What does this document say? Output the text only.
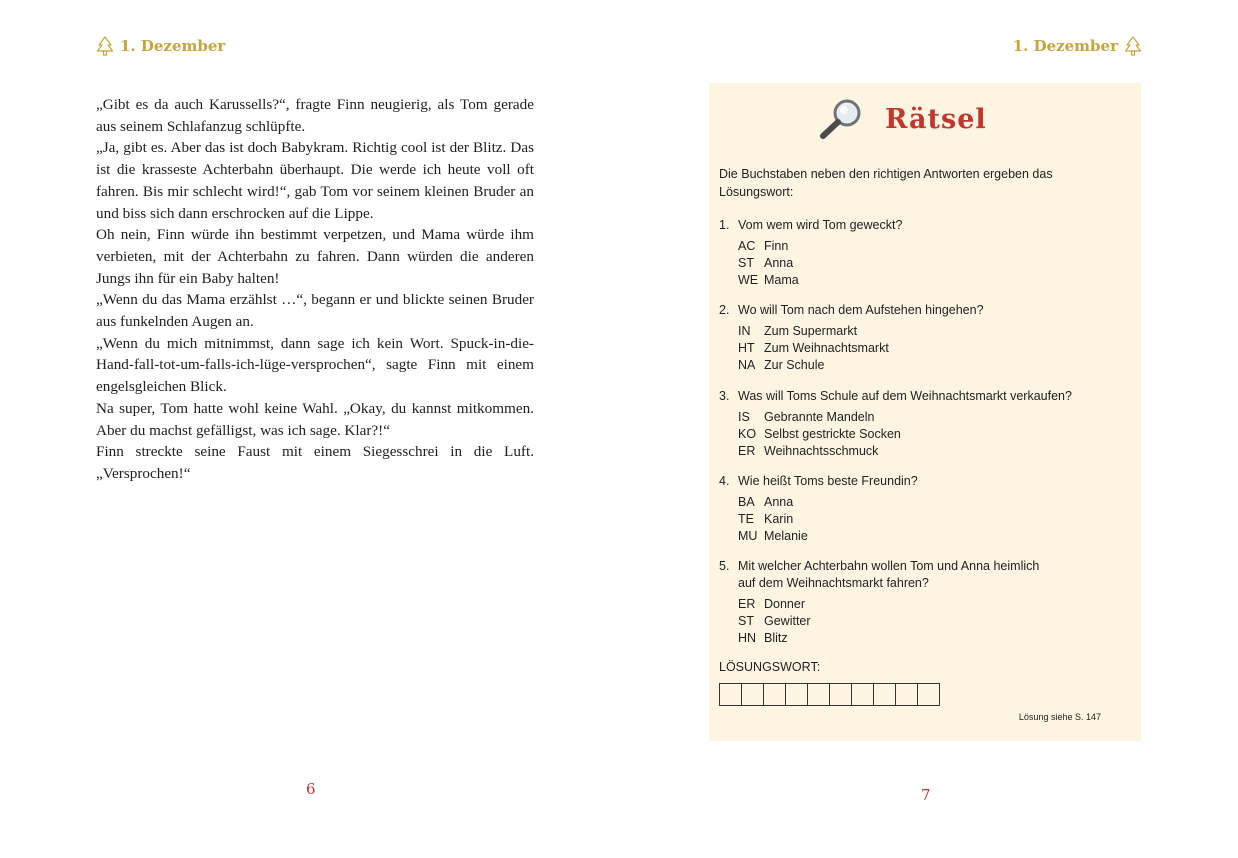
1. Dezember

„Gibt es da auch Karussells?“, fragte Finn neugierig, als Tom gerade aus seinem Schlafanzug schlüpfte.

„Ja, gibt es. Aber das ist doch Babykram. Richtig cool ist der Blitz. Das ist die krasseste Achterbahn überhaupt. Die werde ich heute voll oft fahren. Bis mir schlecht wird!“, gab Tom vor seinem kleinen Bruder an und biss sich dann erschrocken auf die Lippe.

Oh nein, Finn würde ihn bestimmt verpetzen, und Mama würde ihm verbieten, mit der Achterbahn zu fahren. Dann würden die anderen Jungs ihn für ein Baby halten!

„Wenn du das Mama erzählst …“, begann er und blickte seinen Bruder aus funkelnden Augen an.

„Wenn du mich mitnimmst, dann sage ich kein Wort. Spuck-in-die-Hand-fall-tot-um-falls-ich-lüge-versprochen“, sagte Finn mit einem engelsgleichen Blick.

Na super, Tom hatte wohl keine Wahl. „Okay, du kannst mitkommen. Aber du machst gefälligst, was ich sage. Klar?!“

Finn streckte seine Faust mit einem Siegesschrei in die Luft. „Versprochen!“

6
1. Dezember
Rätsel
Die Buchstaben neben den richtigen Antworten ergeben das Lösungswort:
1. Vom wem wird Tom geweckt?
AC Finn
ST Anna
WE Mama
2. Wo will Tom nach dem Aufstehen hingehen?
IN	Zum Supermarkt
HT Zum Weihnachtsmarkt
NA Zur Schule
3. Was will Toms Schule auf dem Weihnachtsmarkt verkaufen?
IS	Gebrannte Mandeln
KO Selbst gestrickte Socken
ER Weihnachtsschmuck
4. Wie heißt Toms beste Freundin?
BA Anna
TE Karin
MU Melanie
5. Mit welcher Achterbahn wollen Tom und Anna heimlich auf dem Weihnachtsmarkt fahren?
ER Donner
ST Gewitter
HN Blitz
LÖSUNGSWORT:
Lösung siehe S. 147
7
